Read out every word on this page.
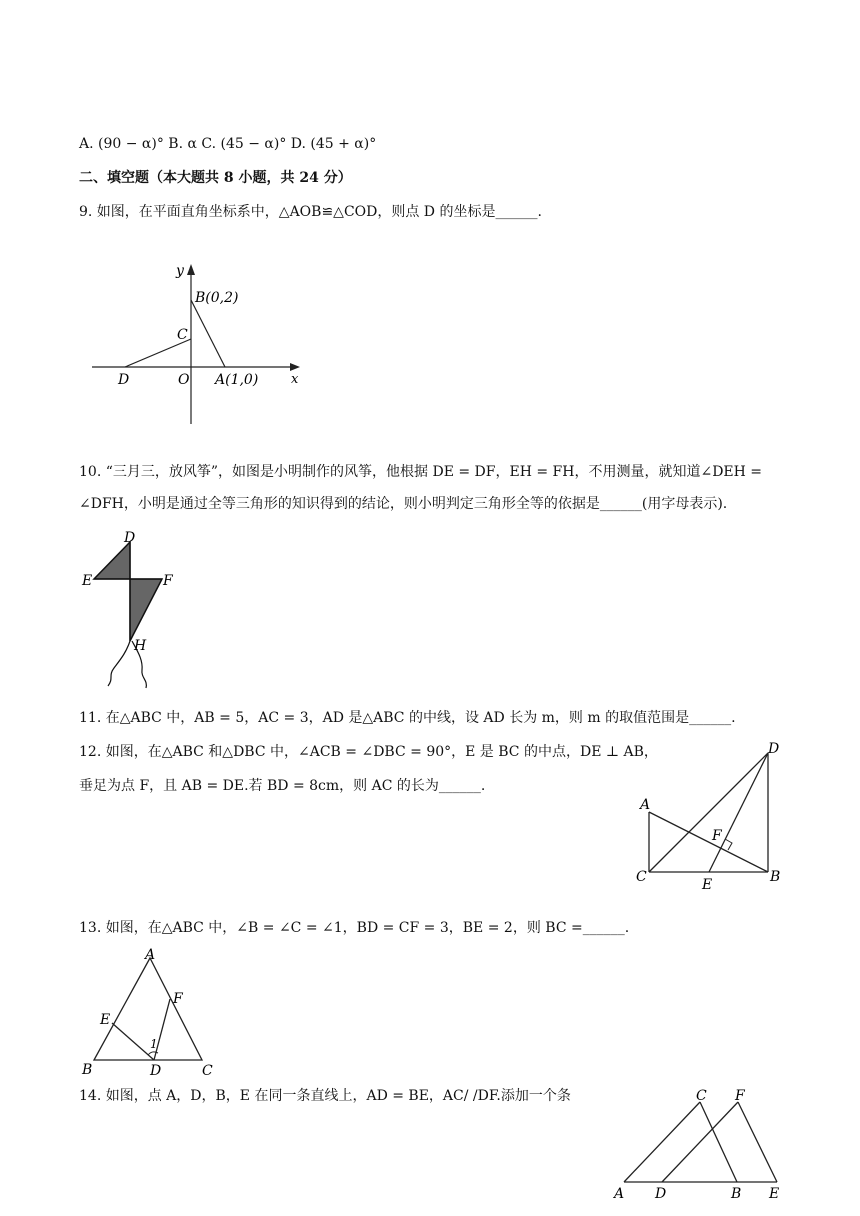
A. (90 − α)° B. α C. (45 − α)° D. (45 + α)°
二、填空题（本大题共 8 小题，共 24 分）
9. 如图，在平面直角坐标系中，△AOB≌△COD，则点 D 的坐标是______.
y
B(0,2)
C
D	O A(1,0)	x
10. “三月三，放风筝”，如图是小明制作的风筝，他根据 DE = DF，EH = FH，不用测量，就知道∠DEH =
∠DFH，小明是通过全等三角形的知识得到的结论，则小明判定三角形全等的依据是______(用字母表示).
D
E	F
H
11. 在△ABC 中，AB = 5，AC = 3，AD 是△ABC 的中线，设 AD 长为 m，则 m 的取值范围是______.
12. 如图，在△ABC 和△DBC 中，∠ACB = ∠DBC = 90°，E 是 BC 的中点，DE ⊥ AB，
垂足为点 F，且 AB = DE.若 BD = 8cm，则 AC 的长为______.
A
D
F
C	E	B
13. 如图，在△ABC 中，∠B = ∠C = ∠1，BD = CF = 3，BE = 2，则 BC =______.
A
F
E
1
B	D	C
14. 如图，点 A，D，B，E 在同一条直线上，AD = BE，AC/ /DF.添加一个条	C F
A D	B E
